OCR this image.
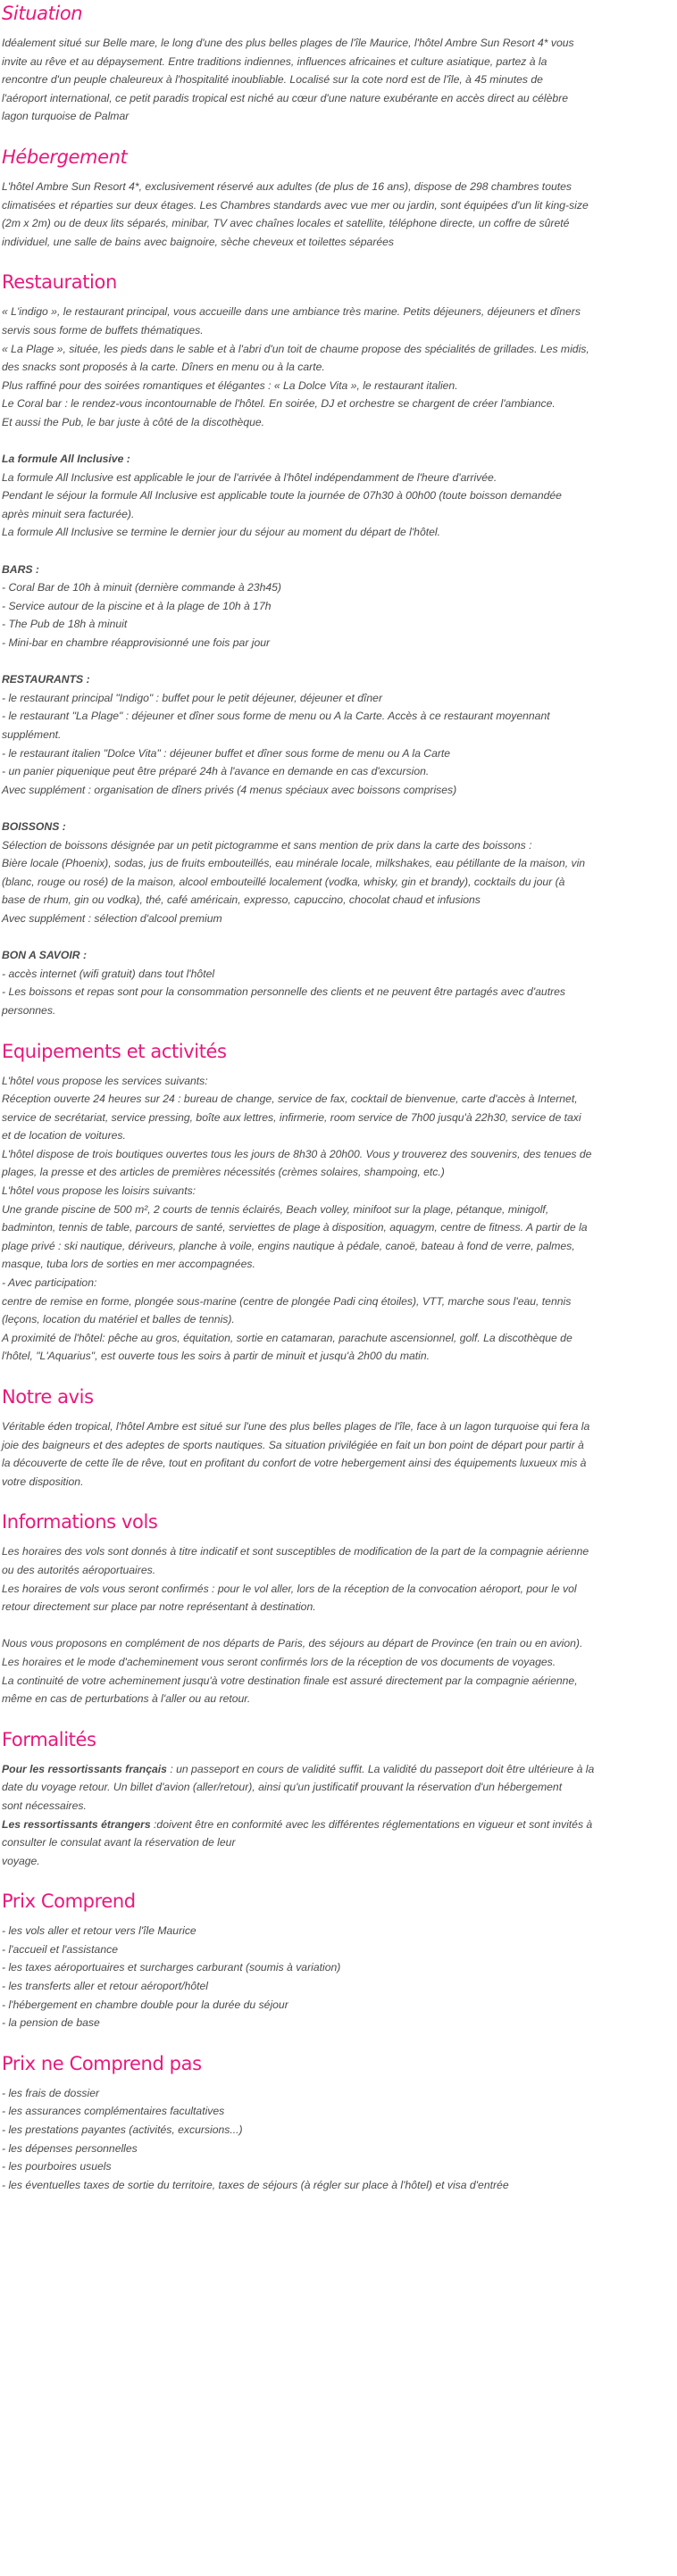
Situation

Idéalement situé sur Belle mare, le long d'une des plus belles plages de l'île Maurice, l'hôtel Ambre Sun Resort 4* vous

invite au rêve et au dépaysement. Entre traditions indiennes, influences africaines et culture asiatique, partez à la

rencontre d'un peuple chaleureux à l'hospitalité inoubliable. Localisé sur la cote nord est de l'île, à 45 minutes de

l'aéroport international, ce petit paradis tropical est niché au cœur d'une nature exubérante en accès direct au célèbre

lagon turquoise de Palmar

Hébergement

L'hôtel Ambre Sun Resort 4*, exclusivement réservé aux adultes (de plus de 16 ans), dispose de 298 chambres toutes

climatisées et réparties sur deux étages. Les Chambres standards avec vue mer ou jardin, sont équipées d'un lit king-size

(2m x 2m) ou de deux lits séparés, minibar, TV avec chaînes locales et satellite, téléphone directe, un coffre de sûreté

individuel, une salle de bains avec baignoire, sèche cheveux et toilettes séparées

Restauration

« L'indigo », le restaurant principal, vous accueille dans une ambiance très marine. Petits déjeuners, déjeuners et dîners

servis sous forme de buffets thématiques.

« La Plage », située, les pieds dans le sable et à l'abri d'un toit de chaume propose des spécialités de grillades. Les midis,

des snacks sont proposés à la carte. Dîners en menu ou à la carte.

Plus raffiné pour des soirées romantiques et élégantes : « La Dolce Vita », le restaurant italien.

Le Coral bar : le rendez-vous incontournable de l'hôtel. En soirée, DJ et orchestre se chargent de créer l'ambiance.

Et aussi the Pub, le bar juste à côté de la discothèque.

La formule All Inclusive :

La formule All Inclusive est applicable le jour de l'arrivée à l'hôtel indépendamment de l'heure d'arrivée.

Pendant le séjour la formule All Inclusive est applicable toute la journée de 07h30 à 00h00 (toute boisson demandée

après minuit sera facturée).

La formule All Inclusive se termine le dernier jour du séjour au moment du départ de l'hôtel.

BARS :

- Coral Bar de 10h à minuit (dernière commande à 23h45)

- Service autour de la piscine et à la plage de 10h à 17h

- The Pub de 18h à minuit

- Mini-bar en chambre réapprovisionné une fois par jour

RESTAURANTS :

- le restaurant principal "Indigo" : buffet pour le petit déjeuner, déjeuner et dîner

- le restaurant "La Plage" : déjeuner et dîner sous forme de menu ou A la Carte. Accès à ce restaurant moyennant

supplément.

- le restaurant italien "Dolce Vita" : déjeuner buffet et dîner sous forme de menu ou A la Carte

- un panier piquenique peut être préparé 24h à l'avance en demande en cas d'excursion.

Avec supplément : organisation de dîners privés (4 menus spéciaux avec boissons comprises)

BOISSONS :

Sélection de boissons désignée par un petit pictogramme et sans mention de prix dans la carte des boissons :

Bière locale (Phoenix), sodas, jus de fruits embouteillés, eau minérale locale, milkshakes, eau pétillante de la maison, vin

(blanc, rouge ou rosé) de la maison, alcool embouteillé localement (vodka, whisky, gin et brandy), cocktails du jour (à

base de rhum, gin ou vodka), thé, café américain, expresso, capuccino, chocolat chaud et infusions

Avec supplément : sélection d'alcool premium

BON A SAVOIR :

- accès internet (wifi gratuit) dans tout l'hôtel

- Les boissons et repas sont pour la consommation personnelle des clients et ne peuvent être partagés avec d'autres

personnes.

Equipements et activités

L'hôtel vous propose les services suivants:

Réception ouverte 24 heures sur 24 : bureau de change, service de fax, cocktail de bienvenue, carte d'accès à Internet,

service de secrétariat, service pressing, boîte aux lettres, infirmerie, room service de 7h00 jusqu'à 22h30, service de taxi

et de location de voitures.

L'hôtel dispose de trois boutiques ouvertes tous les jours de 8h30 à 20h00. Vous y trouverez des souvenirs, des tenues de

plages, la presse et des articles de premières nécessités (crèmes solaires, shampoing, etc.)

L'hôtel vous propose les loisirs suivants:

Une grande piscine de 500 m², 2 courts de tennis éclairés, Beach volley, minifoot sur la plage, pétanque, minigolf,

badminton, tennis de table, parcours de santé, serviettes de plage à disposition, aquagym, centre de fitness. A partir de la

plage privé : ski nautique, dériveurs, planche à voile, engins nautique à pédale, canoë, bateau à fond de verre, palmes,

masque, tuba lors de sorties en mer accompagnées.

- Avec participation:

centre de remise en forme, plongée sous-marine (centre de plongée Padi cinq étoiles), VTT, marche sous l'eau, tennis

(leçons, location du matériel et balles de tennis).

A proximité de l'hôtel: pêche au gros, équitation, sortie en catamaran, parachute ascensionnel, golf. La discothèque de

l'hôtel, "L'Aquarius", est ouverte tous les soirs à partir de minuit et jusqu'à 2h00 du matin.

Notre avis

Véritable éden tropical, l'hôtel Ambre est situé sur l'une des plus belles plages de l'île, face à un lagon turquoise qui fera la

joie des baigneurs et des adeptes de sports nautiques. Sa situation privilégiée en fait un bon point de départ pour partir à

la découverte de cette île de rêve, tout en profitant du confort de votre hebergement ainsi des équipements luxueux mis à

votre disposition.

Informations vols

Les horaires des vols sont donnés à titre indicatif et sont susceptibles de modification de la part de la compagnie aérienne

ou des autorités aéroportuaires.

Les horaires de vols vous seront confirmés : pour le vol aller, lors de la réception de la convocation aéroport, pour le vol

retour directement sur place par notre représentant à destination.

Nous vous proposons en complément de nos départs de Paris, des séjours au départ de Province (en train ou en avion).

Les horaires et le mode d'acheminement vous seront confirmés lors de la réception de vos documents de voyages.

La continuité de votre acheminement jusqu'à votre destination finale est assuré directement par la compagnie aérienne,

même en cas de perturbations à l'aller ou au retour.

Formalités

Pour les ressortissants français : un passeport en cours de validité suffit. La validité du passeport doit être ultérieure à la

date du voyage retour. Un billet d'avion (aller/retour), ainsi qu'un justificatif prouvant la réservation d'un hébergement

sont nécessaires.

Les ressortissants étrangers :doivent être en conformité avec les différentes réglementations en vigueur et sont invités à

consulter le consulat avant la réservation de leur

voyage.

Prix Comprend

- les vols aller et retour vers l'île Maurice

- l'accueil et l'assistance

- les taxes aéroportuaires et surcharges carburant (soumis à variation)

- les transferts aller et retour aéroport/hôtel

- l'hébergement en chambre double pour la durée du séjour

- la pension de base

Prix ne Comprend pas

- les frais de dossier

- les assurances complémentaires facultatives

- les prestations payantes (activités, excursions...)

- les dépenses personnelles

- les pourboires usuels

- les éventuelles taxes de sortie du territoire, taxes de séjours (à régler sur place à l'hôtel) et visa d'entrée
